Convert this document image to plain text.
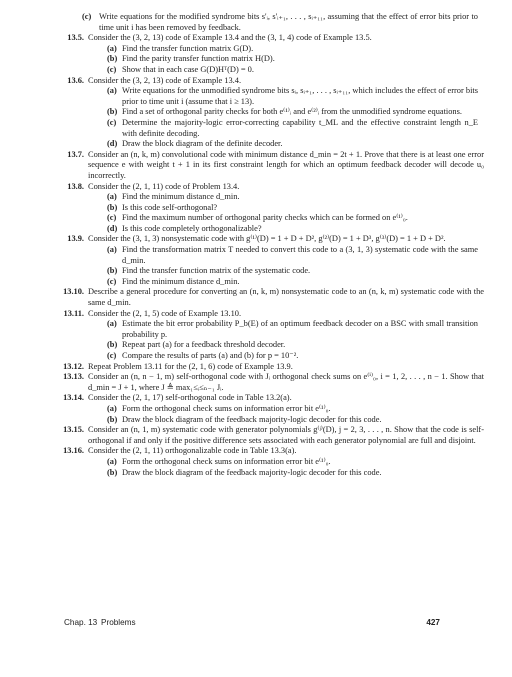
(c) Write equations for the modified syndrome bits s'ᵢ, s'ᵢ₊₁, . . . , sᵢ₊₁₁, assuming that the effect of error bits prior to time unit i has been removed by feedback.
13.5. Consider the (3, 2, 13) code of Example 13.4 and the (3, 1, 4) code of Example 13.5.
(a) Find the transfer function matrix G(D).
(b) Find the parity transfer function matrix H(D).
(c) Show that in each case G(D)Hᵀ(D) = 0.
13.6. Consider the (3, 2, 13) code of Example 13.4.
(a) Write equations for the unmodified syndrome bits sᵢ, sᵢ₊₁, . . . , sᵢ₊₁₁, which includes the effect of error bits prior to time unit i (assume that i ≥ 13).
(b) Find a set of orthogonal parity checks for both e⁽¹⁾ᵢ and e⁽²⁾ᵢ from the unmodified syndrome equations.
(c) Determine the majority-logic error-correcting capability t_ML and the effective constraint length n_E with definite decoding.
(d) Draw the block diagram of the definite decoder.
13.7. Consider an (n, k, m) convolutional code with minimum distance d_min = 2t + 1. Prove that there is at least one error sequence e with weight t + 1 in its first constraint length for which an optimum feedback decoder will decode u₀ incorrectly.
13.8. Consider the (2, 1, 11) code of Problem 13.4.
(a) Find the minimum distance d_min.
(b) Is this code self-orthogonal?
(c) Find the maximum number of orthogonal parity checks which can be formed on e⁽¹⁾₀.
(d) Is this code completely orthogonalizable?
13.9. Consider the (3, 1, 3) nonsystematic code with g⁽¹⁾(D) = 1 + D + D², g⁽²⁾(D) = 1 + D³, g⁽³⁾(D) = 1 + D + D².
(a) Find the transformation matrix T needed to convert this code to a (3, 1, 3) systematic code with the same d_min.
(b) Find the transfer function matrix of the systematic code.
(c) Find the minimum distance d_min.
13.10. Describe a general procedure for converting an (n, k, m) nonsystematic code to an (n, k, m) systematic code with the same d_min.
13.11. Consider the (2, 1, 5) code of Example 13.10.
(a) Estimate the bit error probability P_b(E) of an optimum feedback decoder on a BSC with small transition probability p.
(b) Repeat part (a) for a feedback threshold decoder.
(c) Compare the results of parts (a) and (b) for p = 10⁻².
13.12. Repeat Problem 13.11 for the (2, 1, 6) code of Example 13.9.
13.13. Consider an (n, n − 1, m) self-orthogonal code with Jᵢ orthogonal check sums on e⁽ⁱ⁾₀, i = 1, 2, . . . , n − 1. Show that d_min = J + 1, where J ≜ max₁≤ᵢ≤ₙ₋₁ Jᵢ.
13.14. Consider the (2, 1, 17) self-orthogonal code in Table 13.2(a).
(a) Form the orthogonal check sums on information error bit e⁽¹⁾₀.
(b) Draw the block diagram of the feedback majority-logic decoder for this code.
13.15. Consider an (n, 1, m) systematic code with generator polynomials g⁽ʲ⁾(D), j = 2, 3, . . . , n. Show that the code is self-orthogonal if and only if the positive difference sets associated with each generator polynomial are full and disjoint.
13.16. Consider the (2, 1, 11) orthogonalizable code in Table 13.3(a).
(a) Form the orthogonal check sums on information error bit e⁽¹⁾₀.
(b) Draw the block diagram of the feedback majority-logic decoder for this code.
Chap. 13 Problems	427
